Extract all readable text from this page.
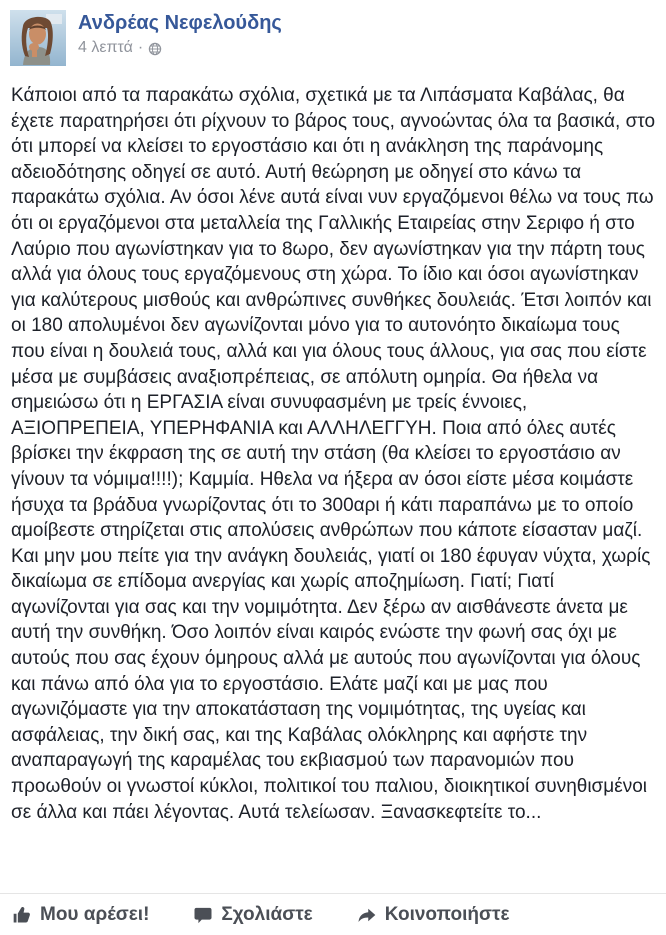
Ανδρέας Νεφελούδης
4 λεπτά ·
Κάποιοι από τα παρακάτω σχόλια, σχετικά με τα Λιπάσματα Καβάλας, θα έχετε παρατηρήσει ότι ρίχνουν το βάρος τους, αγνοώντας όλα τα βασικά, στο ότι μπορεί να κλείσει το εργοστάσιο και ότι η ανάκληση της παράνομης αδειοδότησης οδηγεί σε αυτό. Αυτή θεώρηση με οδηγεί στο κάνω τα παρακάτω σχόλια. Αν όσοι λένε αυτά είναι νυν εργαζόμενοι θέλω να τους πω ότι οι εργαζόμενοι στα μεταλλεία της Γαλλικής Εταιρείας στην Σεριφο ή στο Λαύριο που αγωνίστηκαν για το 8ωρο, δεν αγωνίστηκαν για την πάρτη τους αλλά για όλους τους εργαζόμενους στη χώρα. Το ίδιο και όσοι αγωνίστηκαν για καλύτερους μισθούς και ανθρώπινες συνθήκες δουλειάς. Έτσι λοιπόν και οι 180 απολυμένοι δεν αγωνίζονται μόνο για το αυτονόητο δικαίωμα τους που είναι η δουλειά τους, αλλά και για όλους τους άλλους, για σας που είστε μέσα με συμβάσεις αναξιοπρέπειας, σε απόλυτη ομηρία. Θα ήθελα να σημειώσω ότι η ΕΡΓΑΣΙΑ είναι συνυφασμένη με τρείς έννοιες, ΑΞΙΟΠΡΕΠΕΙΑ, ΥΠΕΡΗΦΑΝΙΑ και ΑΛΛΗΛΕΓΓΥΗ. Ποια από όλες αυτές βρίσκει την έκφραση της σε αυτή την στάση (θα κλείσει το εργοστάσιο αν γίνουν τα νόμιμα!!!!); Καμμία. Ηθελα να ήξερα αν όσοι είστε μέσα κοιμάστε ήσυχα τα βράδυα γνωρίζοντας ότι το 300αρι ή κάτι παραπάνω με το οποίο αμοίβεστε στηρίζεται στις απολύσεις ανθρώπων που κάποτε είσασταν μαζί. Και μην μου πείτε για την ανάγκη δουλειάς, γιατί οι 180 έφυγαν νύχτα, χωρίς δικαίωμα σε επίδομα ανεργίας και χωρίς αποζημίωση. Γιατί; Γιατί αγωνίζονται για σας και την νομιμότητα. Δεν ξέρω αν αισθάνεστε άνετα με αυτή την συνθήκη. Όσο λοιπόν είναι καιρός ενώστε την φωνή σας όχι με αυτούς που σας έχουν όμηρους αλλά με αυτούς που αγωνίζονται για όλους και πάνω από όλα για το εργοστάσιο. Ελάτε μαζί και με μας που αγωνιζόμαστε για την αποκατάσταση της νομιμότητας, της υγείας και ασφάλειας, την δική σας, και της Καβάλας ολόκληρης και αφήστε την αναπαραγωγή της καραμέλας του εκβιασμού των παρανομιών που προωθούν οι γνωστοί κύκλοι, πολιτικοί του παλιου, διοικητικοί συνηθισμένοι σε άλλα και πάει λέγοντας. Αυτά τελείωσαν. Ξανασκεφτείτε το...
Μου αρέσει!	Σχολιάστε	Κοινοποιήστε
